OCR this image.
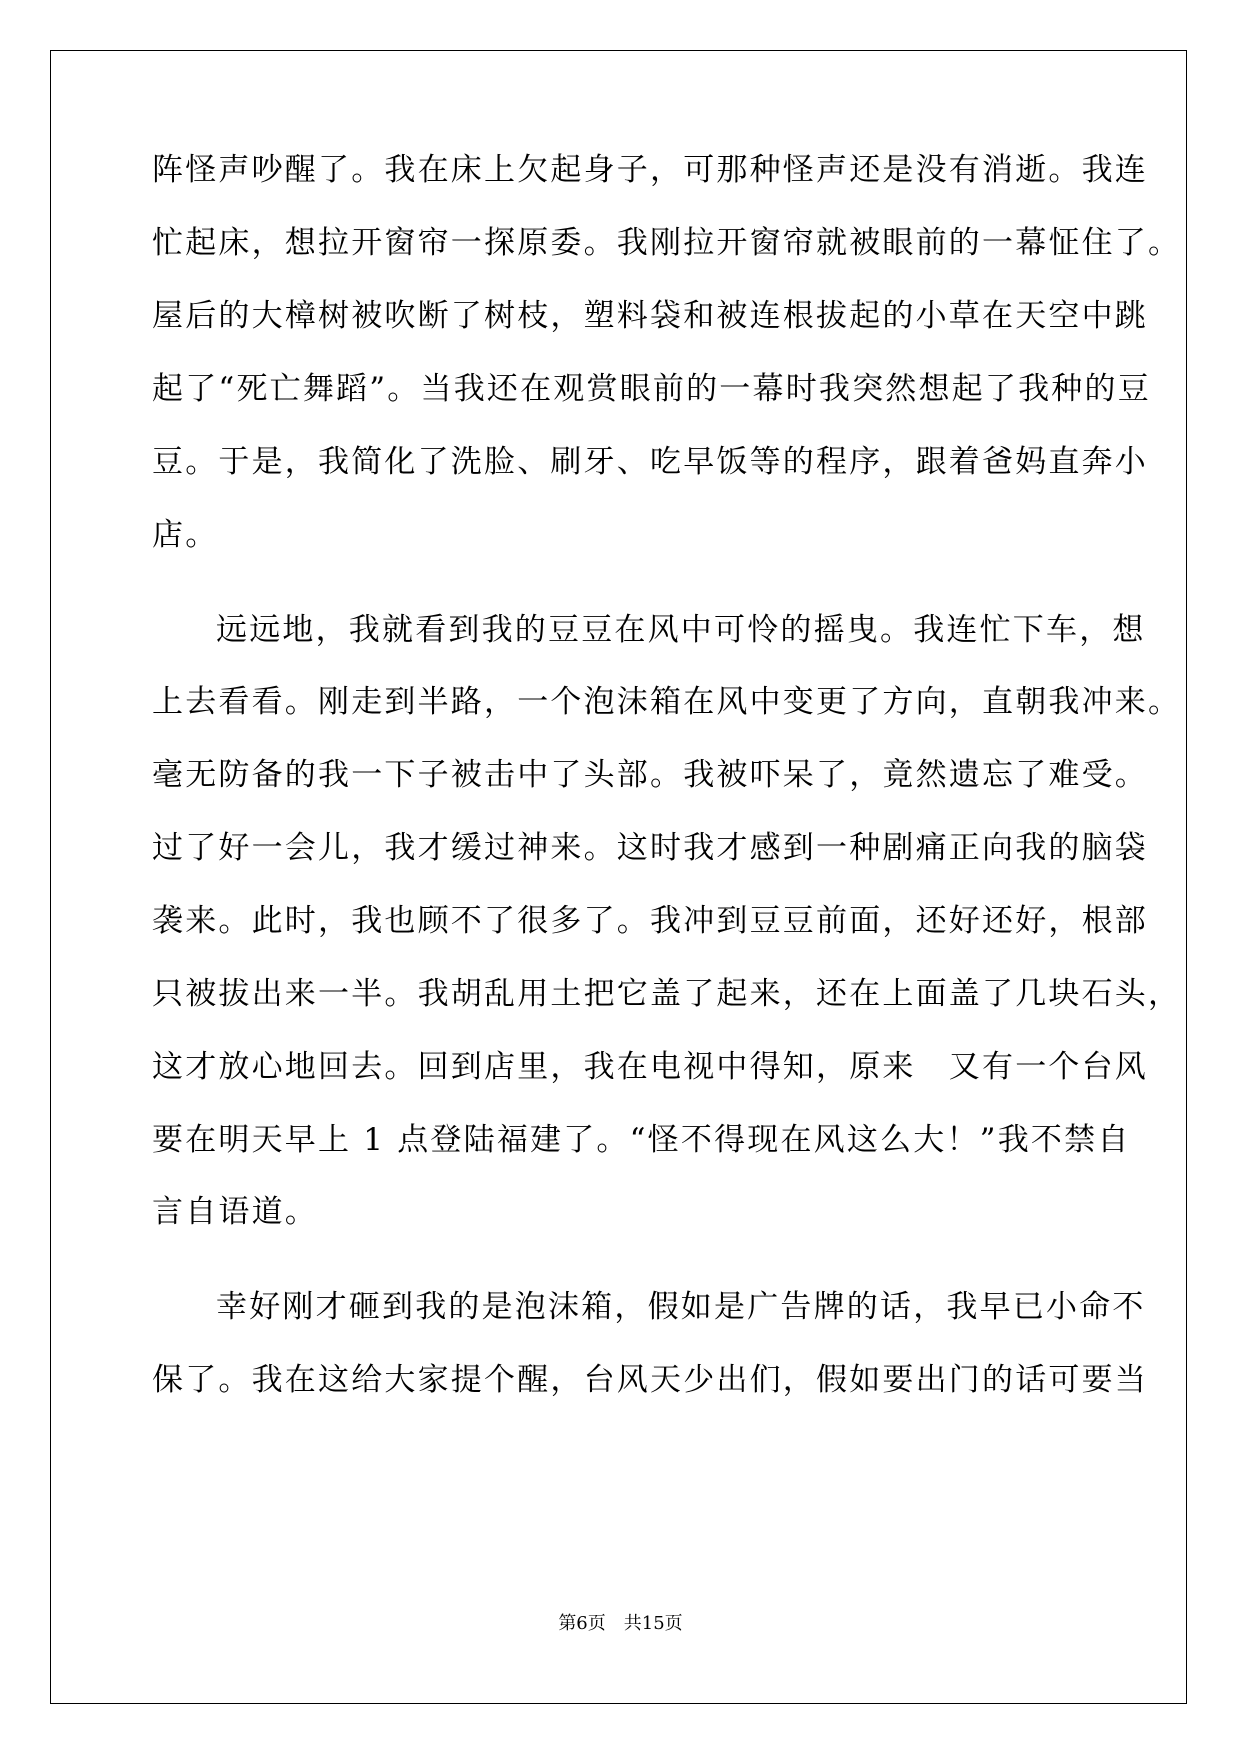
阵怪声吵醒了。我在床上欠起身子，可那种怪声还是没有消逝。我连
忙起床，想拉开窗帘一探原委。我刚拉开窗帘就被眼前的一幕怔住了。
屋后的大樟树被吹断了树枝，塑料袋和被连根拔起的小草在天空中跳
起了“死亡舞蹈”。当我还在观赏眼前的一幕时我突然想起了我种的豆
豆。于是，我简化了洗脸、刷牙、吃早饭等的程序，跟着爸妈直奔小
店。
远远地，我就看到我的豆豆在风中可怜的摇曳。我连忙下车，想
上去看看。刚走到半路，一个泡沫箱在风中变更了方向，直朝我冲来。
毫无防备的我一下子被击中了头部。我被吓呆了，竟然遗忘了难受。
过了好一会儿，我才缓过神来。这时我才感到一种剧痛正向我的脑袋
袭来。此时，我也顾不了很多了。我冲到豆豆前面，还好还好，根部
只被拔出来一半。我胡乱用土把它盖了起来，还在上面盖了几块石头，
这才放心地回去。回到店里，我在电视中得知，原来　又有一个台风
要在明天早上 1 点登陆福建了。“怪不得现在风这么大！”我不禁自
言自语道。
幸好刚才砸到我的是泡沫箱，假如是广告牌的话，我早已小命不
保了。我在这给大家提个醒，台风天少出们，假如要出门的话可要当
第6页　共15页
